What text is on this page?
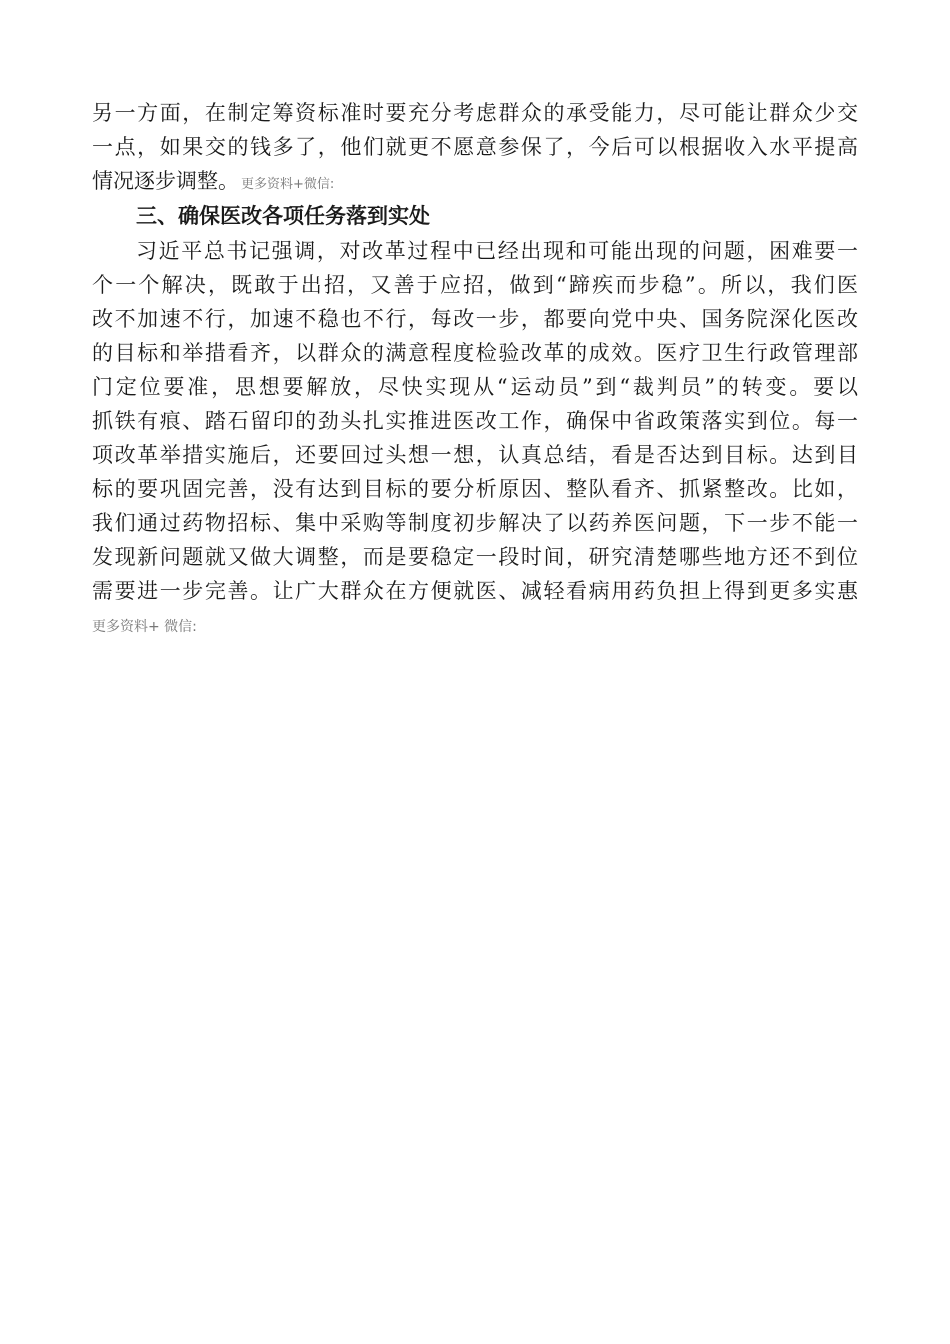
另一方面，在制定筹资标准时要充分考虑群众的承受能力，尽可能让群众少交
一点，如果交的钱多了，他们就更不愿意参保了，今后可以根据收入水平提高
情况逐步调整。 更多资料+微信:
三、确保医改各项任务落到实处
习近平总书记强调，对改革过程中已经出现和可能出现的问题，困难要一
个一个解决，既敢于出招，又善于应招，做到“蹄疾而步稳”。所以，我们医
改不加速不行，加速不稳也不行，每改一步，都要向党中央、国务院深化医改
的目标和举措看齐，以群众的满意程度检验改革的成效。医疗卫生行政管理部
门定位要准，思想要解放，尽快实现从“运动员”到“裁判员”的转变。要以
抓铁有痕、踏石留印的劲头扎实推进医改工作，确保中省政策落实到位。每一
项改革举措实施后，还要回过头想一想，认真总结，看是否达到目标。达到目
标的要巩固完善，没有达到目标的要分析原因、整队看齐、抓紧整改。比如，
我们通过药物招标、集中采购等制度初步解决了以药养医问题，下一步不能一
发现新问题就又做大调整，而是要稳定一段时间，研究清楚哪些地方还不到位
需要进一步完善。让广大群众在方便就医、减轻看病用药负担上得到更多实惠
更多资料+ 微信:
